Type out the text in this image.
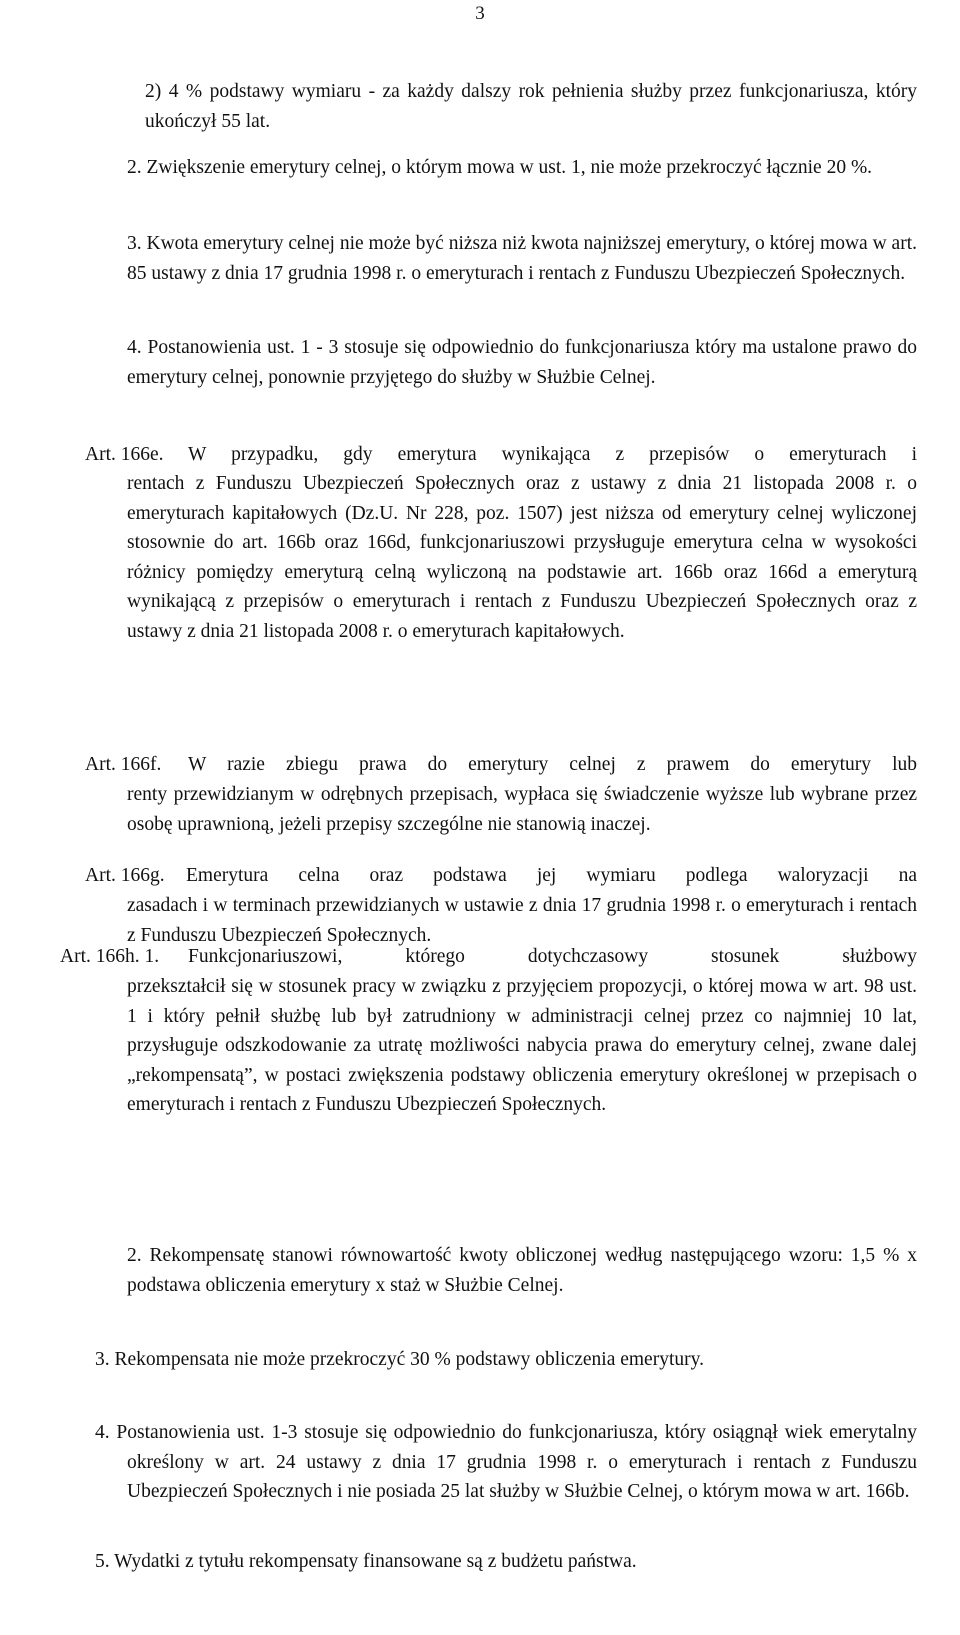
3

2) 4 % podstawy wymiaru - za każdy dalszy rok pełnienia służby przez funkcjonariusza, który ukończył 55 lat.

2. Zwiększenie emerytury celnej, o którym mowa w ust. 1, nie może przekroczyć łącznie 20 %.

3. Kwota emerytury celnej nie może być niższa niż kwota najniższej emerytury, o której mowa w art. 85 ustawy z dnia 17 grudnia 1998 r. o emeryturach i rentach z Funduszu Ubezpieczeń Społecznych.

4. Postanowienia ust. 1 - 3 stosuje się odpowiednio do funkcjonariusza który ma ustalone prawo do emerytury celnej, ponownie przyjętego do służby w Służbie Celnej.

Art. 166e. W przypadku, gdy emerytura wynikająca z przepisów o emeryturach i

rentach z Funduszu Ubezpieczeń Społecznych oraz z ustawy z dnia 21 listopada 2008 r. o emeryturach kapitałowych (Dz.U. Nr 228, poz. 1507) jest niższa od emerytury celnej wyliczonej stosownie do art. 166b oraz 166d, funkcjonariuszowi przysługuje emerytura celna w wysokości różnicy pomiędzy emeryturą celną wyliczoną na podstawie art. 166b oraz 166d a emeryturą wynikającą z przepisów o emeryturach i rentach z Funduszu Ubezpieczeń Społecznych oraz z ustawy z dnia 21 listopada 2008 r. o emeryturach kapitałowych.

Art. 166f. W razie zbiegu prawa do emerytury celnej z prawem do emerytury lub

renty przewidzianym w odrębnych przepisach, wypłaca się świadczenie wyższe lub wybrane przez osobę uprawnioną, jeżeli przepisy szczególne nie stanowią inaczej.

Art. 166g. Emerytura celna oraz podstawa jej wymiaru podlega waloryzacji na

zasadach i w terminach przewidzianych w ustawie z dnia 17 grudnia 1998 r. o emeryturach i rentach z Funduszu Ubezpieczeń Społecznych.

Art. 166h. 1. Funkcjonariuszowi, którego dotychczasowy stosunek służbowy

przekształcił się w stosunek pracy w związku z przyjęciem propozycji, o której mowa w art. 98 ust. 1 i który pełnił służbę lub był zatrudniony w administracji celnej przez co najmniej 10 lat, przysługuje odszkodowanie za utratę możliwości nabycia prawa do emerytury celnej, zwane dalej „rekompensatą”, w postaci zwiększenia podstawy obliczenia emerytury określonej w przepisach o emeryturach i rentach z Funduszu Ubezpieczeń Społecznych.

2. Rekompensatę stanowi równowartość kwoty obliczonej według następującego wzoru: 1,5 % x podstawa obliczenia emerytury x staż w Służbie Celnej.

3. Rekompensata nie może przekroczyć 30 % podstawy obliczenia emerytury.

4. Postanowienia ust. 1-3 stosuje się odpowiednio do funkcjonariusza, który osiągnął wiek emerytalny określony w art. 24 ustawy z dnia 17 grudnia 1998 r. o emeryturach i rentach z Funduszu Ubezpieczeń Społecznych i nie posiada 25 lat służby w Służbie Celnej, o którym mowa w art. 166b.

5. Wydatki z tytułu rekompensaty finansowane są z budżetu państwa.
